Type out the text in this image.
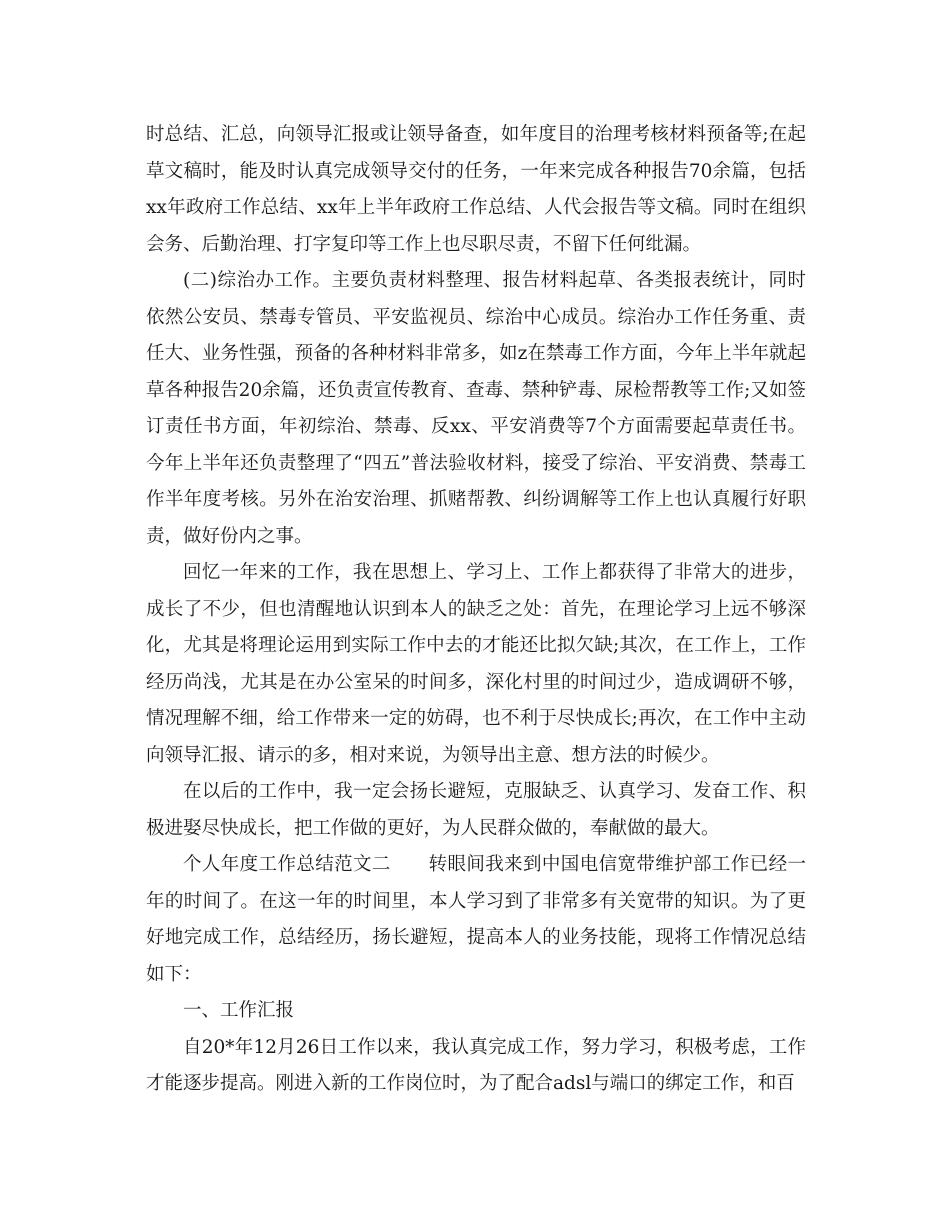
时总结、汇总，向领导汇报或让领导备查，如年度目的治理考核材料预备等;在起草文稿时，能及时认真完成领导交付的任务，一年来完成各种报告70余篇，包括xx年政府工作总结、xx年上半年政府工作总结、人代会报告等文稿。同时在组织会务、后勤治理、打字复印等工作上也尽职尽责，不留下任何纰漏。

(二)综治办工作。主要负责材料整理、报告材料起草、各类报表统计，同时依然公安员、禁毒专管员、平安监视员、综治中心成员。综治办工作任务重、责任大、业务性强，预备的各种材料非常多，如z在禁毒工作方面，今年上半年就起草各种报告20余篇，还负责宣传教育、查毒、禁种铲毒、尿检帮教等工作;又如签订责任书方面，年初综治、禁毒、反xx、平安消费等7个方面需要起草责任书。今年上半年还负责整理了“四五”普法验收材料，接受了综治、平安消费、禁毒工作半年度考核。另外在治安治理、抓赌帮教、纠纷调解等工作上也认真履行好职责，做好份内之事。

回忆一年来的工作，我在思想上、学习上、工作上都获得了非常大的进步，成长了不少，但也清醒地认识到本人的缺乏之处：首先，在理论学习上远不够深化，尤其是将理论运用到实际工作中去的才能还比拟欠缺;其次，在工作上，工作经历尚浅，尤其是在办公室呆的时间多，深化村里的时间过少，造成调研不够，情况理解不细，给工作带来一定的妨碍，也不利于尽快成长;再次，在工作中主动向领导汇报、请示的多，相对来说，为领导出主意、想方法的时候少。

在以后的工作中，我一定会扬长避短，克服缺乏、认真学习、发奋工作、积极进娶尽快成长，把工作做的更好，为人民群众做的，奉献做的最大。

个人年度工作总结范文二　　转眼间我来到中国电信宽带维护部工作已经一年的时间了。在这一年的时间里，本人学习到了非常多有关宽带的知识。为了更好地完成工作，总结经历，扬长避短，提高本人的业务技能，现将工作情况总结如下：

一、工作汇报

自20*年12月26日工作以来，我认真完成工作，努力学习，积极考虑，工作才能逐步提高。刚进入新的工作岗位时，为了配合adsl与端口的绑定工作，和百
